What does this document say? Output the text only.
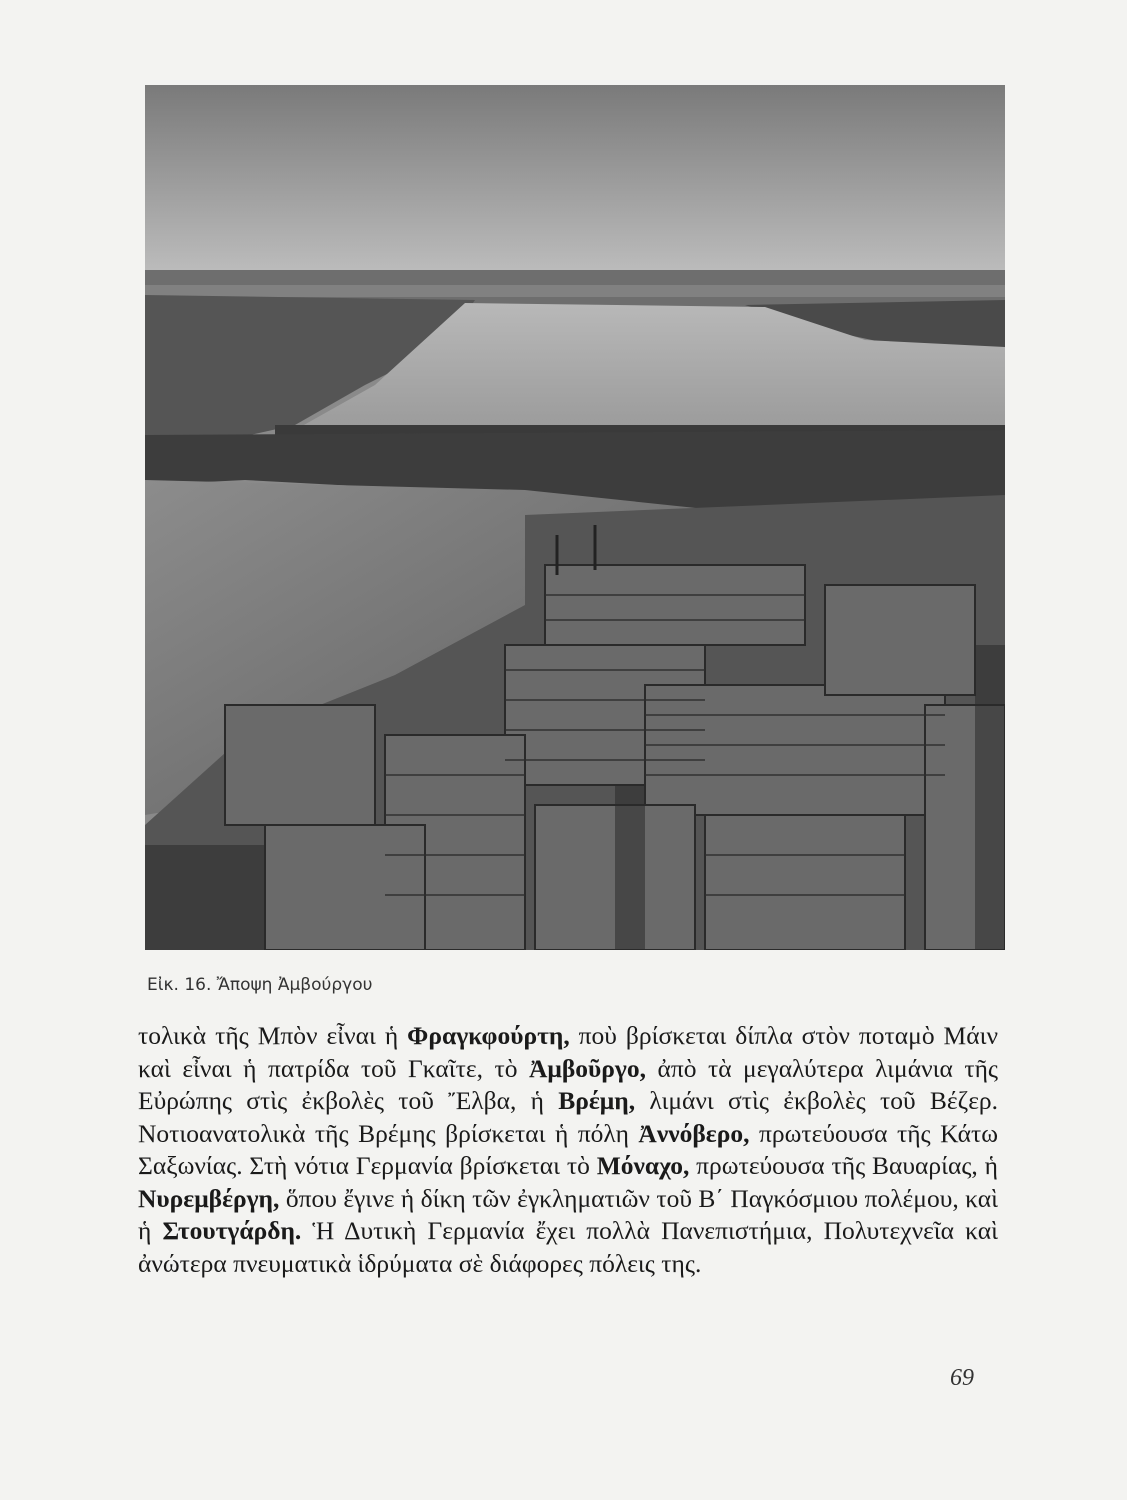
Εἰκ. 16. Ἄποψη Ἀμβούργου
τολικὰ τῆς Μπὸν εἶναι ἡ Φραγκφούρτη, ποὺ βρίσκεται δίπλα στὸν ποταμὸ Μάιν καὶ εἶναι ἡ πατρίδα τοῦ Γκαῖτε, τὸ Ἀμβοῦργο, ἀπὸ τὰ μεγαλύτερα λιμάνια τῆς Εὐρώπης στὶς ἐκβολὲς τοῦ Ἔλβα, ἡ Βρέμη, λιμάνι στὶς ἐκβολὲς τοῦ Βέζερ. Νοτιοανατολικὰ τῆς Βρέμης βρίσκεται ἡ πόλη Ἀννόβερο, πρωτεύουσα τῆς Κάτω Σαξωνίας. Στὴ νότια Γερμανία βρίσκεται τὸ Μόναχο, πρωτεύουσα τῆς Βαυαρίας, ἡ Νυρεμβέργη, ὅπου ἔγινε ἡ δίκη τῶν ἐγκληματιῶν τοῦ Β΄ Παγκόσμιου πολέμου, καὶ ἡ Στουτγάρδη. Ἡ Δυτικὴ Γερμανία ἔχει πολλὰ Πανεπιστήμια, Πολυτεχνεῖα καὶ ἀνώτερα πνευματικὰ ἱδρύματα σὲ διάφορες πόλεις της.
69
